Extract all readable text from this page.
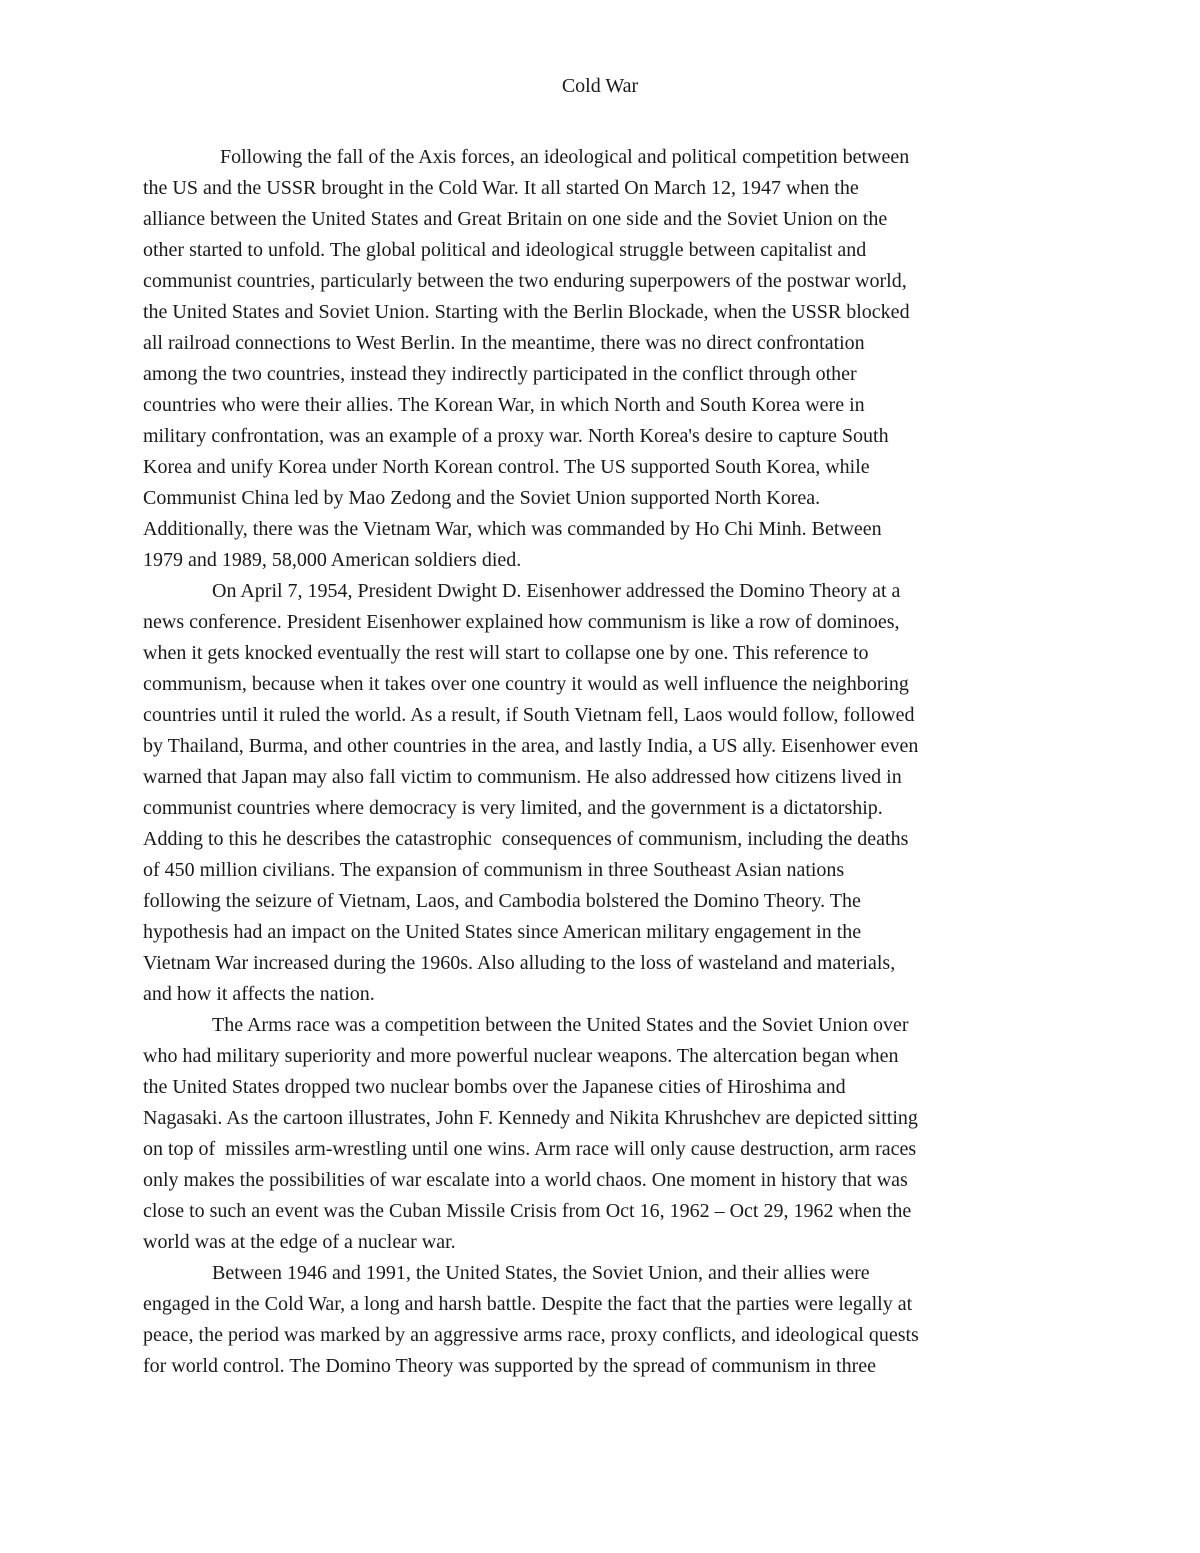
Cold War

Following the fall of the Axis forces, an ideological and political competition between

the US and the USSR brought in the Cold War. It all started On March 12, 1947 when the

alliance between the United States and Great Britain on one side and the Soviet Union on the

other started to unfold. The global political and ideological struggle between capitalist and

communist countries, particularly between the two enduring superpowers of the postwar world,

the United States and Soviet Union. Starting with the Berlin Blockade, when the USSR blocked

all railroad connections to West Berlin. In the meantime, there was no direct confrontation

among the two countries, instead they indirectly participated in the conflict through other

countries who were their allies. The Korean War, in which North and South Korea were in

military confrontation, was an example of a proxy war. North Korea's desire to capture South

Korea and unify Korea under North Korean control. The US supported South Korea, while

Communist China led by Mao Zedong and the Soviet Union supported North Korea.

Additionally, there was the Vietnam War, which was commanded by Ho Chi Minh. Between

1979 and 1989, 58,000 American soldiers died.

On April 7, 1954, President Dwight D. Eisenhower addressed the Domino Theory at a

news conference. President Eisenhower explained how communism is like a row of dominoes,

when it gets knocked eventually the rest will start to collapse one by one. This reference to

communism, because when it takes over one country it would as well influence the neighboring

countries until it ruled the world. As a result, if South Vietnam fell, Laos would follow, followed

by Thailand, Burma, and other countries in the area, and lastly India, a US ally. Eisenhower even

warned that Japan may also fall victim to communism. He also addressed how citizens lived in

communist countries where democracy is very limited, and the government is a dictatorship.

Adding to this he describes the catastrophic  consequences of communism, including the deaths

of 450 million civilians. The expansion of communism in three Southeast Asian nations

following the seizure of Vietnam, Laos, and Cambodia bolstered the Domino Theory. The

hypothesis had an impact on the United States since American military engagement in the

Vietnam War increased during the 1960s. Also alluding to the loss of wasteland and materials,

and how it affects the nation.

The Arms race was a competition between the United States and the Soviet Union over

who had military superiority and more powerful nuclear weapons. The altercation began when

the United States dropped two nuclear bombs over the Japanese cities of Hiroshima and

Nagasaki. As the cartoon illustrates, John F. Kennedy and Nikita Khrushchev are depicted sitting

on top of  missiles arm-wrestling until one wins. Arm race will only cause destruction, arm races

only makes the possibilities of war escalate into a world chaos. One moment in history that was

close to such an event was the Cuban Missile Crisis from Oct 16, 1962 – Oct 29, 1962 when the

world was at the edge of a nuclear war.

Between 1946 and 1991, the United States, the Soviet Union, and their allies were

engaged in the Cold War, a long and harsh battle. Despite the fact that the parties were legally at

peace, the period was marked by an aggressive arms race, proxy conflicts, and ideological quests

for world control. The Domino Theory was supported by the spread of communism in three
